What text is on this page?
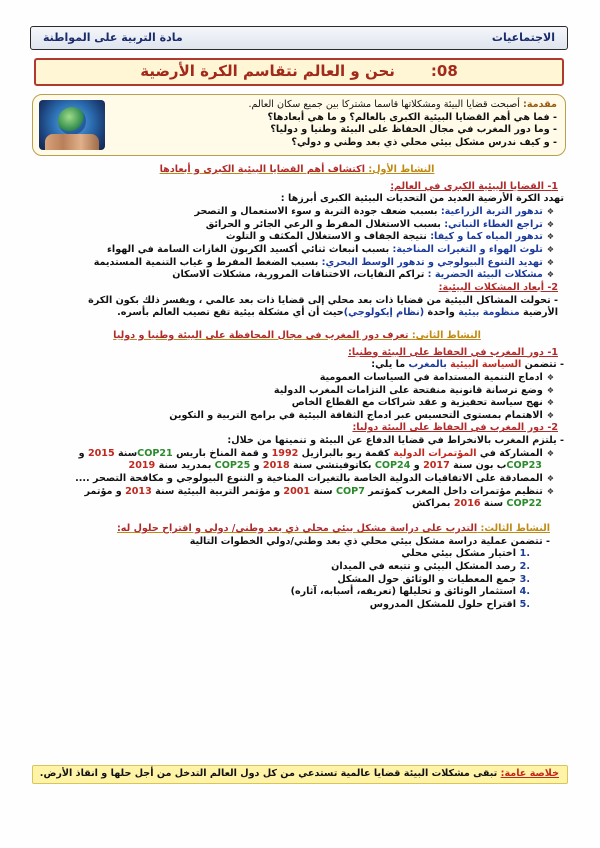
الاجتماعيات
مادة التربية على المواطنة
08:
نحن و العالم نتقاسم الكرة الأرضية

مقدمة: أصبحت قضايا البيئة ومشكلاتها قاسما مشتركا بين جميع سكان العالم.

- فما هي أهم القضايا البيئية الكبرى بالعالم؟ و ما هي أبعادها؟

- وما دور المغرب في مجال الحفاظ على البيئة وطنيا و دوليا؟

- و كيف ندرس مشكل بيئي محلي ذي بعد وطني و دولي؟

النشاط الأول: اكتشاف أهم القضايا البيئية الكبرى و أبعادها

1- القضايا البيئية الكبرى في العالم:

تهدد الكرة الأرضية العديد من التحديات البيئية الكبرى أبرزها :

❖ تدهور التربة الزراعية: بسبب ضعف جودة التربة و سوء الاستعمال و التصحر

❖ تراجع الغطاء النباتي: بسبب الاستغلال المفرط و الرعي الجائر و الحرائق

❖ تدهور المياه كما و كيفا: نتيجة الجفاف و الاستغلال المكثف و التلوث

❖ تلوث الهواء و التغيرات المناخية: بسبب انبعاث ثنائي أكسيد الكربون الغازات السامة في الهواء

❖ تهديد التنوع البيولوجي و تدهور الوسط البحري: بسبب الضغط المفرط و غياب التنمية المستديمة

❖ مشكلات البيئة الحضرية : تراكم النفايات، الاختناقات المرورية، مشكلات الاسكان

2- أبعاد المشكلات البيئية:

- تحولت المشاكل البيئية من قضايا ذات بعد محلي إلى قضايا ذات بعد عالمي ، ويفسر ذلك بكون الكرة

الأرضية منظومة بيئية واحدة (نظام إيكولوجي)حيث أن أي مشكلة بيئية تقع تصيب العالم بأسره.

النشاط الثاني: تعرف دور المغرب في مجال المحافظة على البيئة وطنيا و دوليا

1- دور المغرب في الحفاظ على البيئة وطنيا:

- تتضمن السياسة البيئية بالمغرب ما يلي:

❖ ادماج التنمية المستدامة في السياسات العمومية

❖ وضع ترسانة قانونية منفتحة على التزامات المغرب الدولية

❖ نهج سياسة تحفيزية و عقد شراكات مع القطاع الخاص

❖ الاهتمام بمستوى التحسيس عبر ادماج الثقافة البيئية في برامج التربية و التكوين

2- دور المغرب في الحفاظ على البيئة دوليا:

- يلتزم المغرب بالانخراط في قضايا الدفاع عن البيئة و تنميتها من خلال:

❖ المشاركة في المؤتمرات الدولية كقمة ريو بالبرازيل 1992 و قمة المناخ باريس COP21سنة 2015 و

COP23ب بون سنة 2017 و COP24 بكاتوفيتشي سنة 2018 و COP25 بمدريد سنة 2019

❖ المصادقة على الاتفاقيات الدولية الخاصة بالتغيرات المناخية و التنوع البيولوجي و مكافحة التصحر ....

❖ تنظيم مؤتمرات داخل المغرب كمؤتمر COP7 سنة 2001 و مؤتمر التربية البيئية سنة 2013 و مؤتمر

COP22 سنة 2016 بمراكش

النشاط الثالث: التدرب على دراسة مشكل بيئي محلي ذي بعد وطني/ دولي و اقتراح حلول له:

- تتضمن عملية دراسة مشكل بيئي محلي ذي بعد وطني/دولي الخطوات التالية

.1اختيار مشكل بيئي محلي
.2رصد المشكل البيئي و تتبعه في الميدان
.3جمع المعطيات و الوثائق حول المشكل
.4استثمار الوثائق و تحليلها (تعريفه، أسبابه، آثاره)
.5اقتراح حلول للمشكل المدروس
خلاصة عامة: تبقى مشكلات البيئة قضايا عالمية تستدعي من كل دول العالم التدخل من أجل حلها و انقاذ الأرض.
